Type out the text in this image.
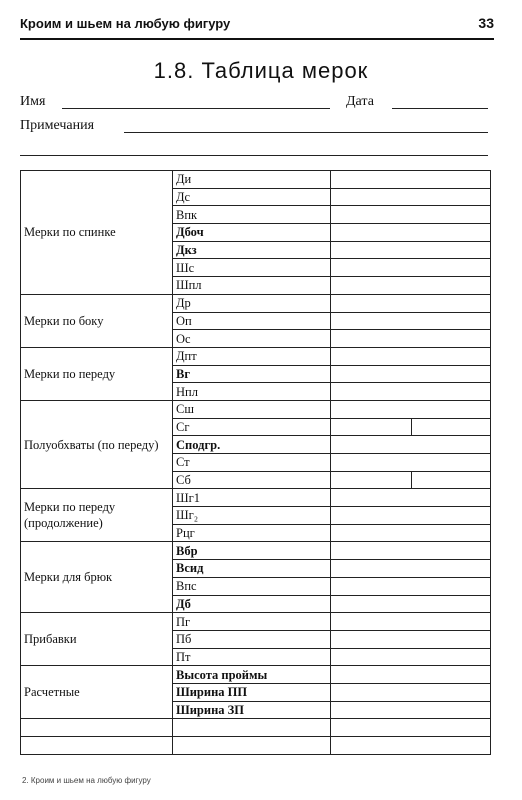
Кроим и шьем на любую фигуру	33
1.8. Таблица мерок
Имя	Дата
Примечания
Мерки по спинке	Ди	
	Дс	
	Впк	
	Дбоч	
	Дкз	
	Шс	
	Шпл	
Мерки по боку	Др	
	Оп	
	Ос	
Мерки по переду	Дпт	
	Вг	
	Нпл	
Полуобхваты (по переду)	Сш	
	Сг	
	Сподгр.	
	Ст	
	Сб	
Мерки по переду (продолжение)	Шг1	
	Шг₂	
	Рцг	
Мерки для брюк	Вбр	
	Всид	
	Впс	
	Дб	
Прибавки	Пг	
	Пб	
	Пт	
Расчетные	Высота проймы	
	Ширина ПП	
	Ширина ЗП	

2. Кроим и шьем на любую фигуру
